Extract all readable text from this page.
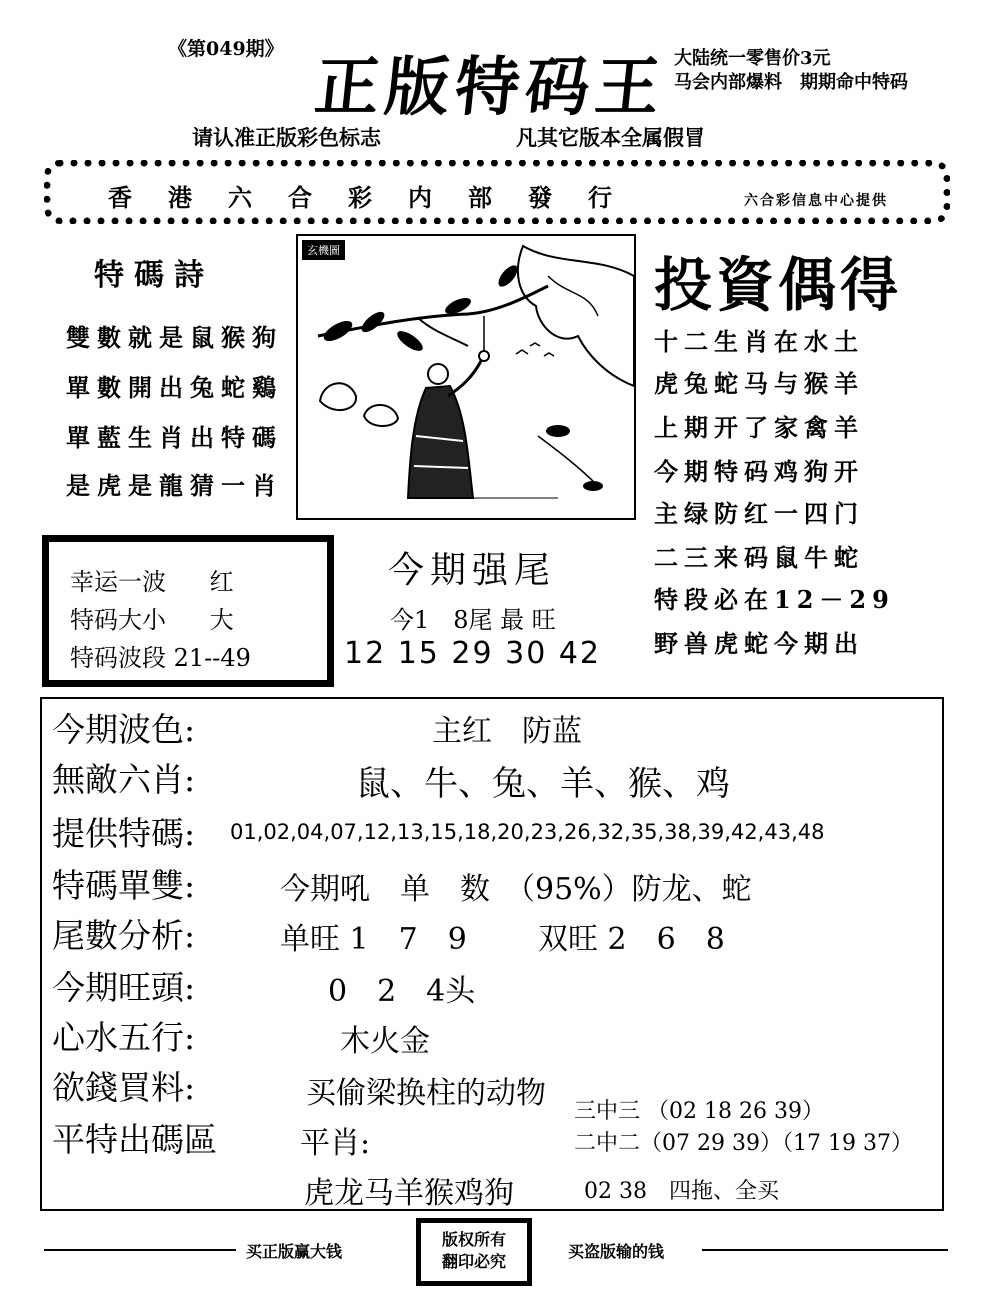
《第049期》
正版特码王 大陆统一零售价3元
马会内部爆料　期期命中特码
请认准正版彩色标志	凡其它版本全属假冒
香港六合彩内部發行	六合彩信息中心提供
特碼詩
雙數就是鼠猴狗
單數開出兔蛇鷄
單藍生肖出特碼
是虎是龍猜一肖
玄機圖
投資偶得
十二生肖在水土
虎兔蛇马与猴羊
上期开了家禽羊
今期特码鸡狗开
主绿防红一四门
二三来码鼠牛蛇
特段必在12－29
野兽虎蛇今期出
幸运一波 红
特码大小 大
特码波段 21--49
今期强尾
今1　8尾 最 旺
12 15 29 30 42
今期波色:	主红　防蓝
無敵六肖:	鼠、牛、兔、羊、猴、鸡
提供特碼: 01,02,04,07,12,13,15,18,20,23,26,32,35,38,39,42,43,48
特碼單雙:	今期吼　单　数　（95%）防龙、蛇
尾數分析:	单旺 1　7　9 双旺 2　6　8
今期旺頭:	0　2　4头
心水五行:	木火金
欲錢買料:	买偷梁换柱的动物
平特出碼區	平肖:
虎龙马羊猴鸡狗
三中三 （02 18 26 39）
二中二（07 29 39）（17 19 37）
02 38　四拖、全买
买正版赢大钱
版权所有
翻印必究
买盗版输的钱
